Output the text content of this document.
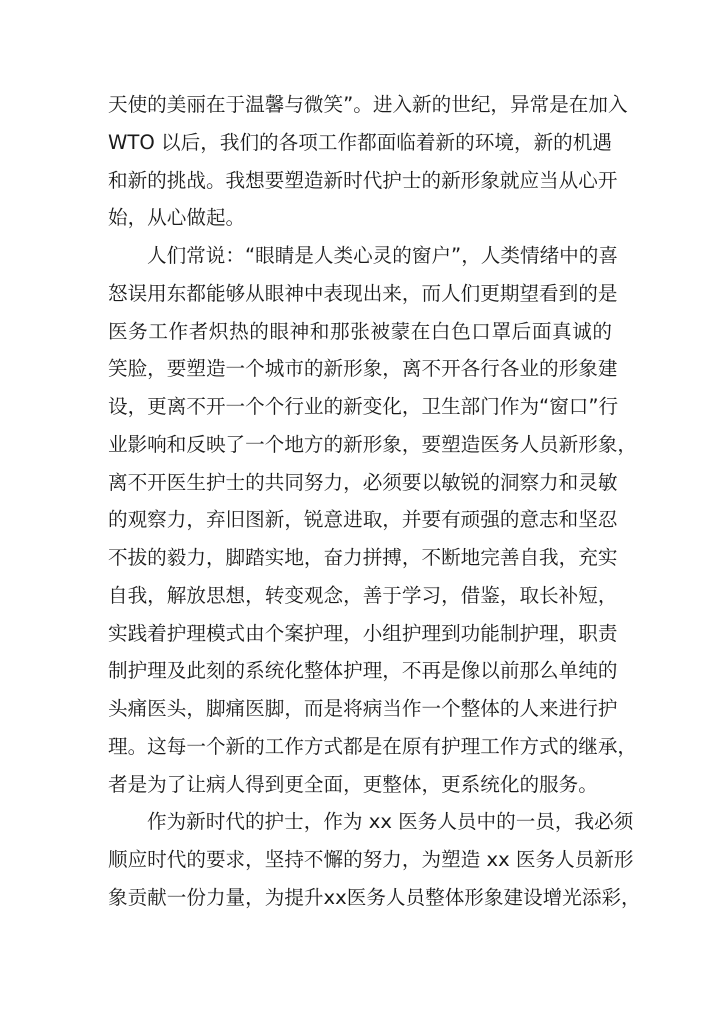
天使的美丽在于温馨与微笑”。进入新的世纪，异常是在加入
WTO 以后，我们的各项工作都面临着新的环境，新的机遇
和新的挑战。我想要塑造新时代护士的新形象就应当从心开
始，从心做起。
人们常说：“眼睛是人类心灵的窗户”，人类情绪中的喜
怒误用东都能够从眼神中表现出来，而人们更期望看到的是
医务工作者炽热的眼神和那张被蒙在白色口罩后面真诚的
笑脸，要塑造一个城市的新形象，离不开各行各业的形象建
设，更离不开一个个行业的新变化，卫生部门作为“窗口”行
业影响和反映了一个地方的新形象，要塑造医务人员新形象，
离不开医生护士的共同努力，必须要以敏锐的洞察力和灵敏
的观察力，弃旧图新，锐意进取，并要有顽强的意志和坚忍
不拔的毅力，脚踏实地，奋力拼搏，不断地完善自我，充实
自我，解放思想，转变观念，善于学习，借鉴，取长补短，
实践着护理模式由个案护理，小组护理到功能制护理，职责
制护理及此刻的系统化整体护理，不再是像以前那么单纯的
头痛医头，脚痛医脚，而是将病当作一个整体的人来进行护
理。这每一个新的工作方式都是在原有护理工作方式的继承，
者是为了让病人得到更全面，更整体，更系统化的服务。
作为新时代的护士，作为 xx 医务人员中的一员，我必须
顺应时代的要求，坚持不懈的努力，为塑造 xx 医务人员新形
象贡献一份力量，为提升xx医务人员整体形象建设增光添彩，
